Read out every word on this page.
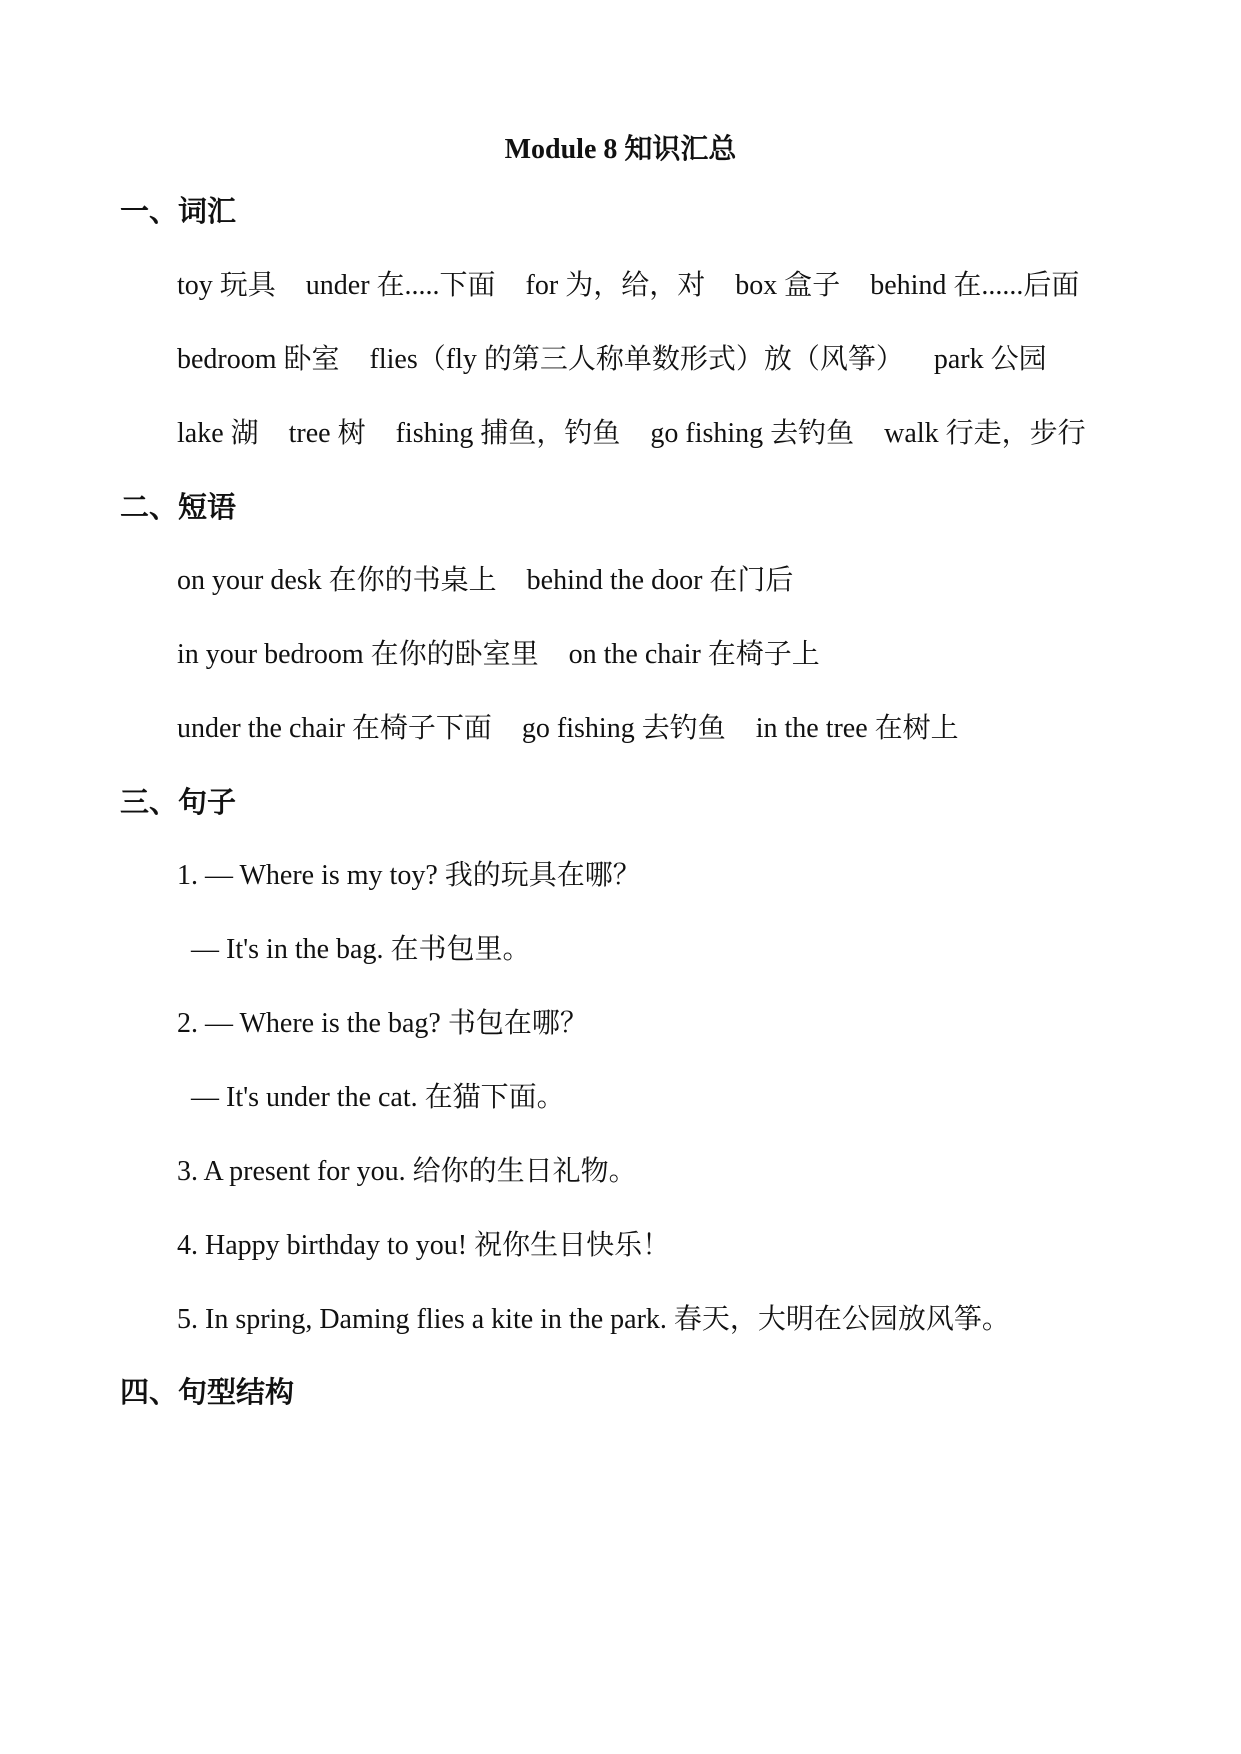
Module 8 知识汇总
一、词汇
toy 玩具 under 在.....下面 for 为，给，对 box 盒子 behind 在......后面
bedroom 卧室 flies（fly 的第三人称单数形式）放（风筝） park 公园
lake 湖 tree 树 fishing 捕鱼，钓鱼 go fishing 去钓鱼 walk 行走，步行
二、短语
on your desk 在你的书桌上 behind the door 在门后
in your bedroom 在你的卧室里 on the chair 在椅子上
under the chair 在椅子下面 go fishing 去钓鱼 in the tree 在树上
三、句子
1. — Where is my toy? 我的玩具在哪？
— It's in the bag. 在书包里。
2. — Where is the bag? 书包在哪？
— It's under the cat. 在猫下面。
3. A present for you. 给你的生日礼物。
4. Happy birthday to you! 祝你生日快乐！
5. In spring, Daming flies a kite in the park. 春天，大明在公园放风筝。
四、句型结构
